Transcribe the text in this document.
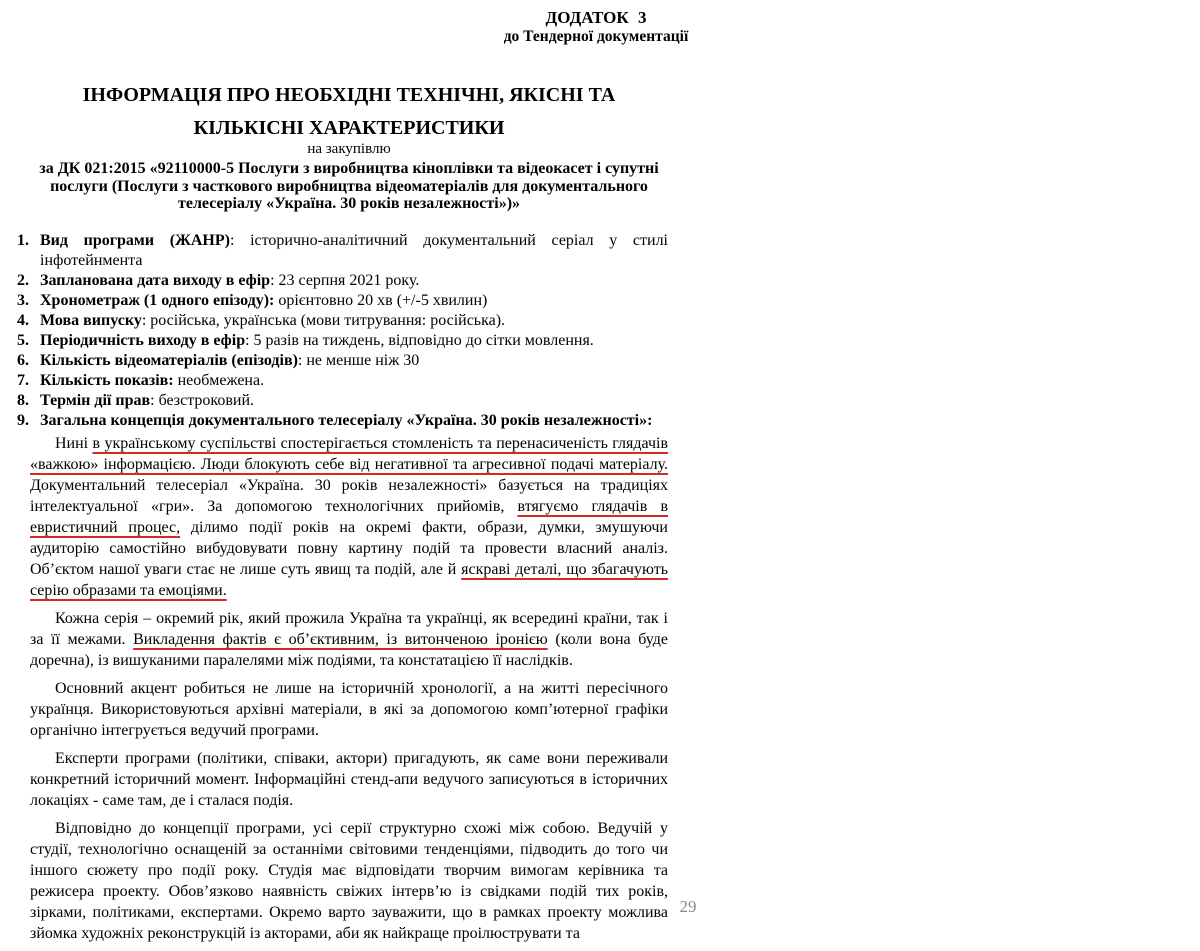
ДОДАТОК 3
до Тендерної документації
ІНФОРМАЦІЯ ПРО НЕОБХІДНІ ТЕХНІЧНІ, ЯКІСНІ ТА
КІЛЬКІСНІ ХАРАКТЕРИСТИКИ
на закупівлю
за ДК 021:2015 «92110000-5 Послуги з виробництва кіноплівки та відеокасет і супутні послуги (Послуги з часткового виробництва відеоматеріалів для документального телесеріалу «Україна. 30 років незалежності»)»
1. Вид програми (ЖАНР): історично-аналітичний документальний серіал у стилі інфотейнмента
2. Запланована дата виходу в ефір: 23 серпня 2021 року.
3. Хронометраж (1 одного епізоду): орієнтовно 20 хв (+/-5 хвилин)
4. Мова випуску: російська, українська (мови титрування: російська).
5. Періодичність виходу в ефір: 5 разів на тиждень, відповідно до сітки мовлення.
6. Кількість відеоматеріалів (епізодів): не менше ніж 30
7. Кількість показів: необмежена.
8. Термін дії прав: безстроковий.
9. Загальна концепція документального телесеріалу «Україна. 30 років незалежності»:

Нині в українському суспільстві спостерігається стомленість та перенасиченість глядачів «важкою» інформацією. Люди блокують себе від негативної та агресивної подачі матеріалу. Документальний телесеріал «Україна. 30 років незалежності» базується на традиціях інтелектуальної «гри». За допомогою технологічних прийомів, втягуємо глядачів в евристичний процес, ділимо події років на окремі факти, образи, думки, змушуючи аудиторію самостійно вибудовувати повну картину подій та провести власний аналіз. Об’єктом нашої уваги стає не лише суть явищ та подій, але й яскраві деталі, що збагачують серію образами та емоціями.

Кожна серія – окремий рік, який прожила Україна та українці, як всередині країни, так і за її межами. Викладення фактів є об’єктивним, із витонченою іронією (коли вона буде доречна), із вишуканими паралелями між подіями, та констатацією її наслідків.

Основний акцент робиться не лише на історичній хронології, а на житті пересічного українця. Використовуються архівні матеріали, в які за допомогою комп’ютерної графіки органічно інтегрується ведучий програми.

Експерти програми (політики, співаки, актори) пригадують, як саме вони переживали конкретний історичний момент. Інформаційні стенд-апи ведучого записуються в історичних локаціях - саме там, де і сталася подія.

Відповідно до концепції програми, усі серії структурно схожі між собою. Ведучій у студії, технологічно оснащеній за останніми світовими тенденціями, підводить до того чи іншого сюжету про події року. Студія має відповідати творчим вимогам керівника та режисера проекту. Обов’язково наявність свіжих інтерв’ю із свідками подій тих років, зірками, політиками, експертами. Окремо варто зауважити, що в рамках проекту можлива зйомка художніх реконструкцій із акторами, аби як найкраще проілюструвати та

29
